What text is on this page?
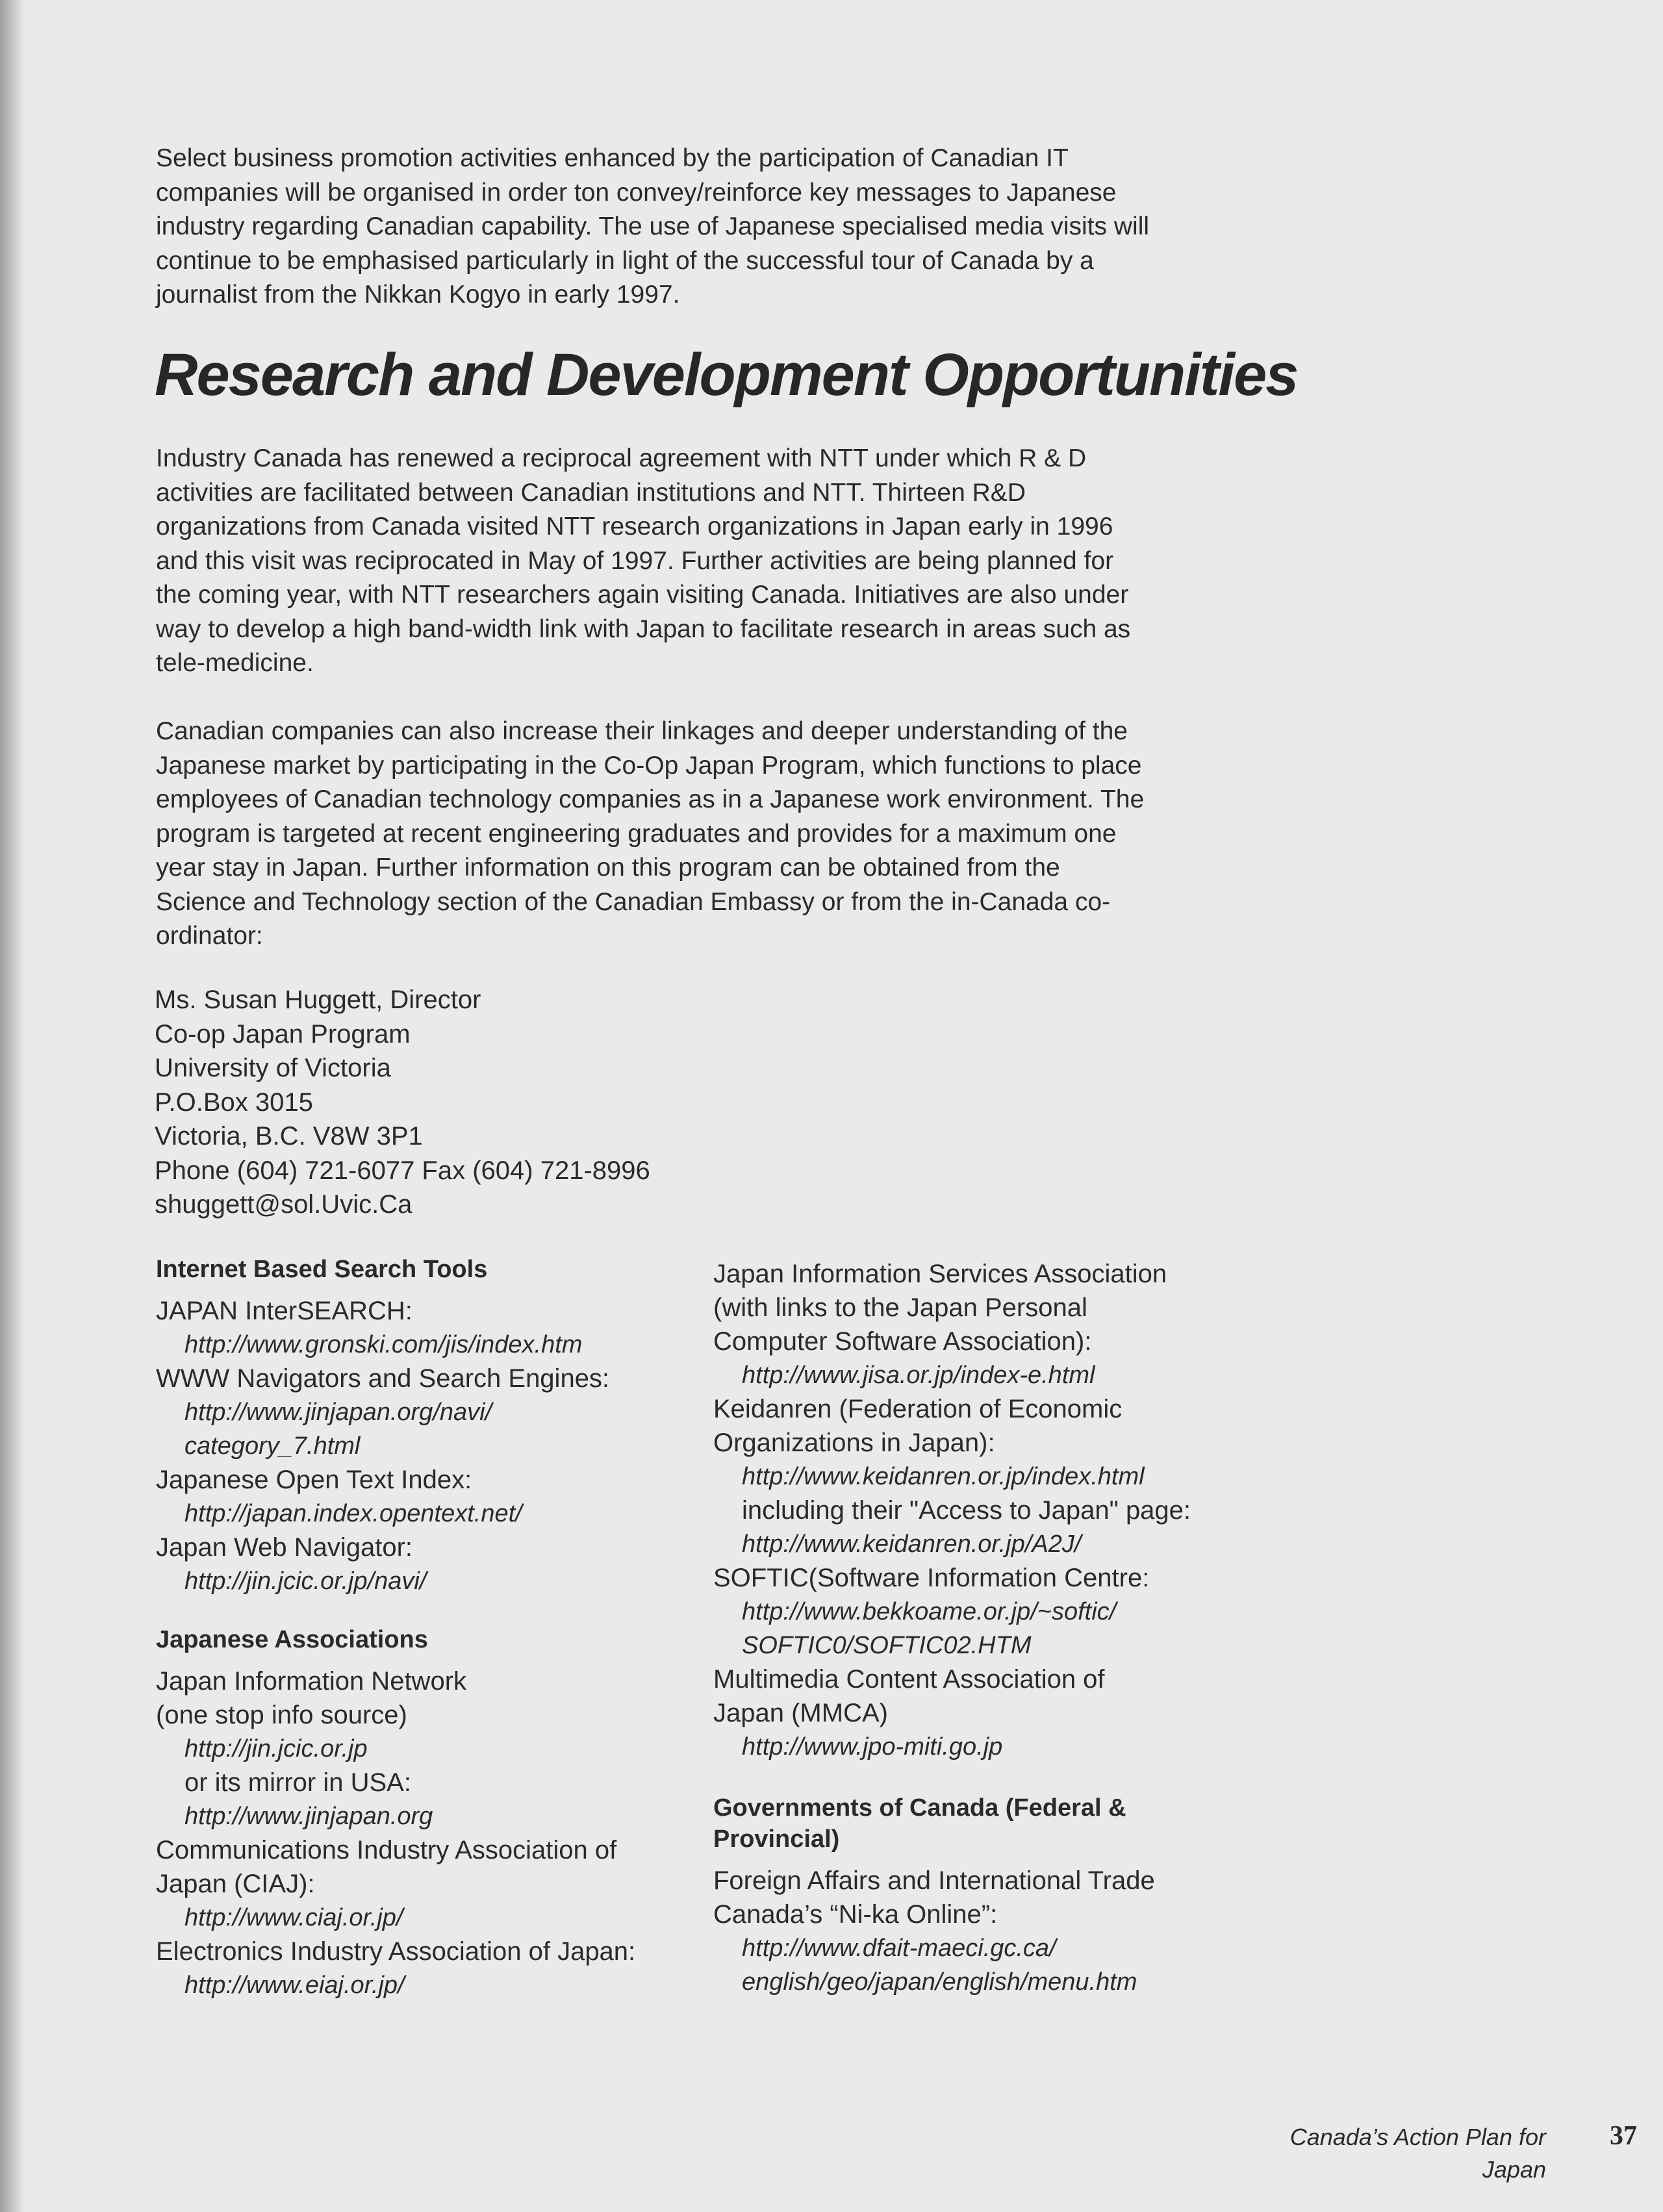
Select business promotion activities enhanced by the participation of Canadian IT
companies will be organised in order ton convey/reinforce key messages to Japanese
industry regarding Canadian capability. The use of Japanese specialised media visits will
continue to be emphasised particularly in light of the successful tour of Canada by a
journalist from the Nikkan Kogyo in early 1997.

Research and Development Opportunities

Industry Canada has renewed a reciprocal agreement with NTT under which R & D
activities are facilitated between Canadian institutions and NTT. Thirteen R&D
organizations from Canada visited NTT research organizations in Japan early in 1996
and this visit was reciprocated in May of 1997. Further activities are being planned for
the coming year, with NTT researchers again visiting Canada. Initiatives are also under
way to develop a high band-width link with Japan to facilitate research in areas such as
tele-medicine.

Canadian companies can also increase their linkages and deeper understanding of the
Japanese market by participating in the Co-Op Japan Program, which functions to place
employees of Canadian technology companies as in a Japanese work environment. The
program is targeted at recent engineering graduates and provides for a maximum one
year stay in Japan. Further information on this program can be obtained from the
Science and Technology section of the Canadian Embassy or from the in-Canada co-
ordinator:

Ms. Susan Huggett, Director
Co-op Japan Program
University of Victoria
P.O.Box 3015
Victoria, B.C. V8W 3P1
Phone (604) 721-6077 Fax (604) 721-8996
shuggett@sol.Uvic.Ca
Internet Based Search Tools
JAPAN InterSEARCH:
http://www.gronski.com/jis/index.htm
WWW Navigators and Search Engines:
http://www.jinjapan.org/navi/
category_7.html
Japanese Open Text Index:
http://japan.index.opentext.net/
Japan Web Navigator:
http://jin.jcic.or.jp/navi/
Japanese Associations
Japan Information Network
(one stop info source)
http://jin.jcic.or.jp
or its mirror in USA:
http://www.jinjapan.org
Communications Industry Association of
Japan (CIAJ):
http://www.ciaj.or.jp/
Electronics Industry Association of Japan:
http://www.eiaj.or.jp/
Japan Information Services Association
(with links to the Japan Personal
Computer Software Association):
http://www.jisa.or.jp/index-e.html
Keidanren (Federation of Economic
Organizations in Japan):
http://www.keidanren.or.jp/index.html
including their "Access to Japan" page:
http://www.keidanren.or.jp/A2J/
SOFTIC(Software Information Centre:
http://www.bekkoame.or.jp/~softic/
SOFTIC0/SOFTIC02.HTM
Multimedia Content Association of
Japan (MMCA)
http://www.jpo-miti.go.jp
Governments of Canada (Federal &
Provincial)
Foreign Affairs and International Trade
Canada’s “Ni-ka Online”:
http://www.dfait-maeci.gc.ca/
english/geo/japan/english/menu.htm
Canada’s Action Plan for
Japan
37
